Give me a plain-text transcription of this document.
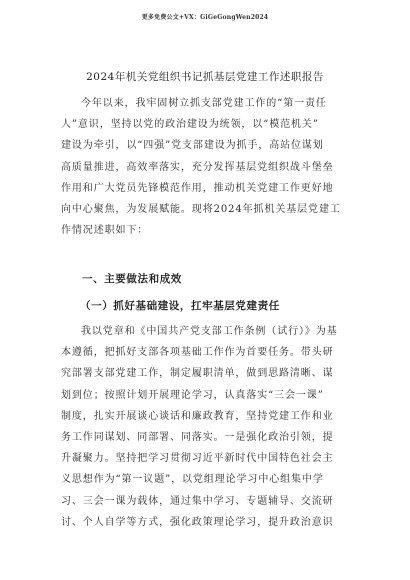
更多免费公文+VX：GiGeGongWen2024
2024年机关党组织书记抓基层党建工作述职报告
今年以来，我牢固树立抓支部党建工作的“第一责任
人”意识，坚持以党的政治建设为统领，以“模范机关”
建设为牵引，以“四强”党支部建设为抓手，高站位谋划
高质量推进，高效率落实，充分发挥基层党组织战斗堡垒
作用和广大党员先锋模范作用，推动机关党建工作更好地
向中心聚焦，为发展赋能。现将2024年抓机关基层党建工
作情况述职如下：
一、主要做法和成效
（一）抓好基础建设，扛牢基层党建责任
我以党章和《中国共产党支部工作条例（试行）》为基
本遵循，把抓好支部各项基础工作作为首要任务。带头研
究部署支部党建工作，制定履职清单，做到思路清晰、谋
划到位；按照计划开展理论学习，认真落实“三会一课”
制度，扎实开展谈心谈话和廉政教育，坚持党建工作和业
务工作同谋划、同部署、同落实。一是强化政治引领，提
升凝聚力。坚持把学习贯彻习近平新时代中国特色社会主
义思想作为“第一议题”，以党组理论学习中心组集中学
习、三会一课为载体，通过集中学习、专题辅导、交流研
讨、个人自学等方式，强化政策理论学习，提升政治意识
